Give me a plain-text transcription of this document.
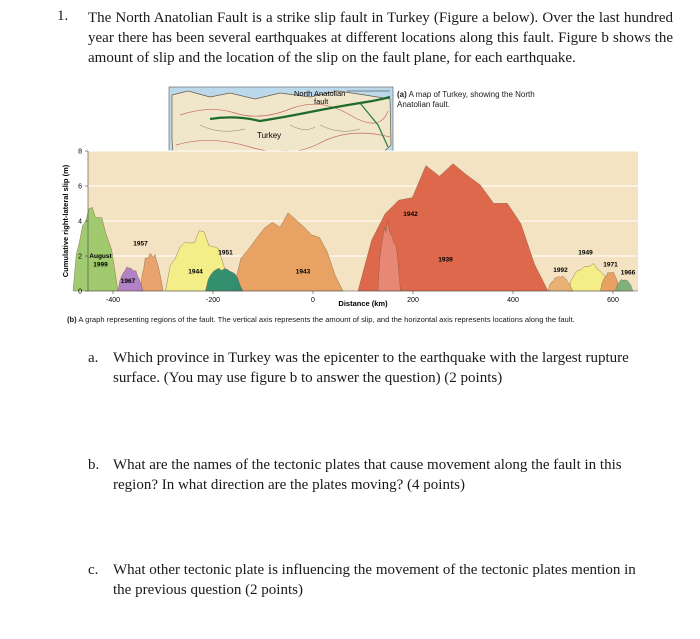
1. The North Anatolian Fault is a strike slip fault in Turkey (Figure a below). Over the last hundred year there has been several earthquakes at different locations along this fault. Figure b shows the amount of slip and the location of the slip on the fault plane, for each earthquake.
North Anatolian
fault
Turkey
-400	-200	0	200	400	600
0
2
4
6
8
August
1999
1967
1957
1944
1951
1943
1942
1939
1992
1949
1971
1966
Cumulative right-lateral slip (m)
Distance (km)
(a) A map of Turkey, showing the North Anatolian fault.
(b) A graph representing regions of the fault. The vertical axis represents the amount of slip, and the horizontal axis represents locations along the fault.
a. Which province in Turkey was the epicenter to the earthquake with the largest rupture surface. (You may use figure b to answer the question) (2 points)
b. What are the names of the tectonic plates that cause movement along the fault in this region? In what direction are the plates moving? (4 points)
c. What other tectonic plate is influencing the movement of the tectonic plates mention in the previous question (2 points)
